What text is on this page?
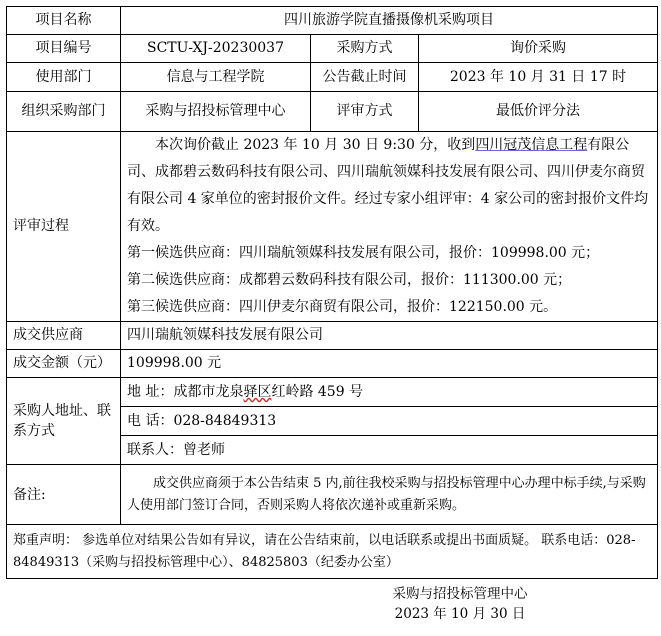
项目名称	四川旅游学院直播摄像机采购项目		
项目编号	SCTU-XJ-20230037	采购方式	询价采购
使用部门	信息与工程学院	公告截止时间	2023 年 10 月 31 日 17 时
组织采购部门	采购与招投标管理中心	评审方式	最低价评分法
评审过程	本次询价截止 2023 年 10 月 30 日 9:30 分，收到四川冠茂信息工程有限公司、成都碧云数码科技有限公司、四川瑞航领媒科技发展有限公司、四川伊麦尔商贸有限公司 4 家单位的密封报价文件。经过专家小组评审：4 家公司的密封报价文件均有效。
第一候选供应商：四川瑞航领媒科技发展有限公司，报价：109998.00 元；
第二候选供应商：成都碧云数码科技有限公司，报价：111300.00 元；
第三候选供应商：四川伊麦尔商贸有限公司，报价：122150.00 元。		

成交供应商	四川瑞航领媒科技发展有限公司		
成交金额（元）	109998.00 元		
采购人地址、联系方式	地 址：成都市龙泉驿区红岭路 459 号		
	电 话：028-84849313		
	联系人：曾老师		
备注:	成交供应商须于本公告结束 5 内,前往我校采购与招投标管理中心办理中标手续,与采购人使用部门签订合同，否则采购人将依次递补或重新采购。		
郑重声明： 参选单位对结果公告如有异议，请在公告结束前，以电话联系或提出书面质疑。 联系电话：028-84849313（采购与招投标管理中心）、84825803（纪委办公室）			
采购与招投标管理中心
2023 年 10 月 30 日
